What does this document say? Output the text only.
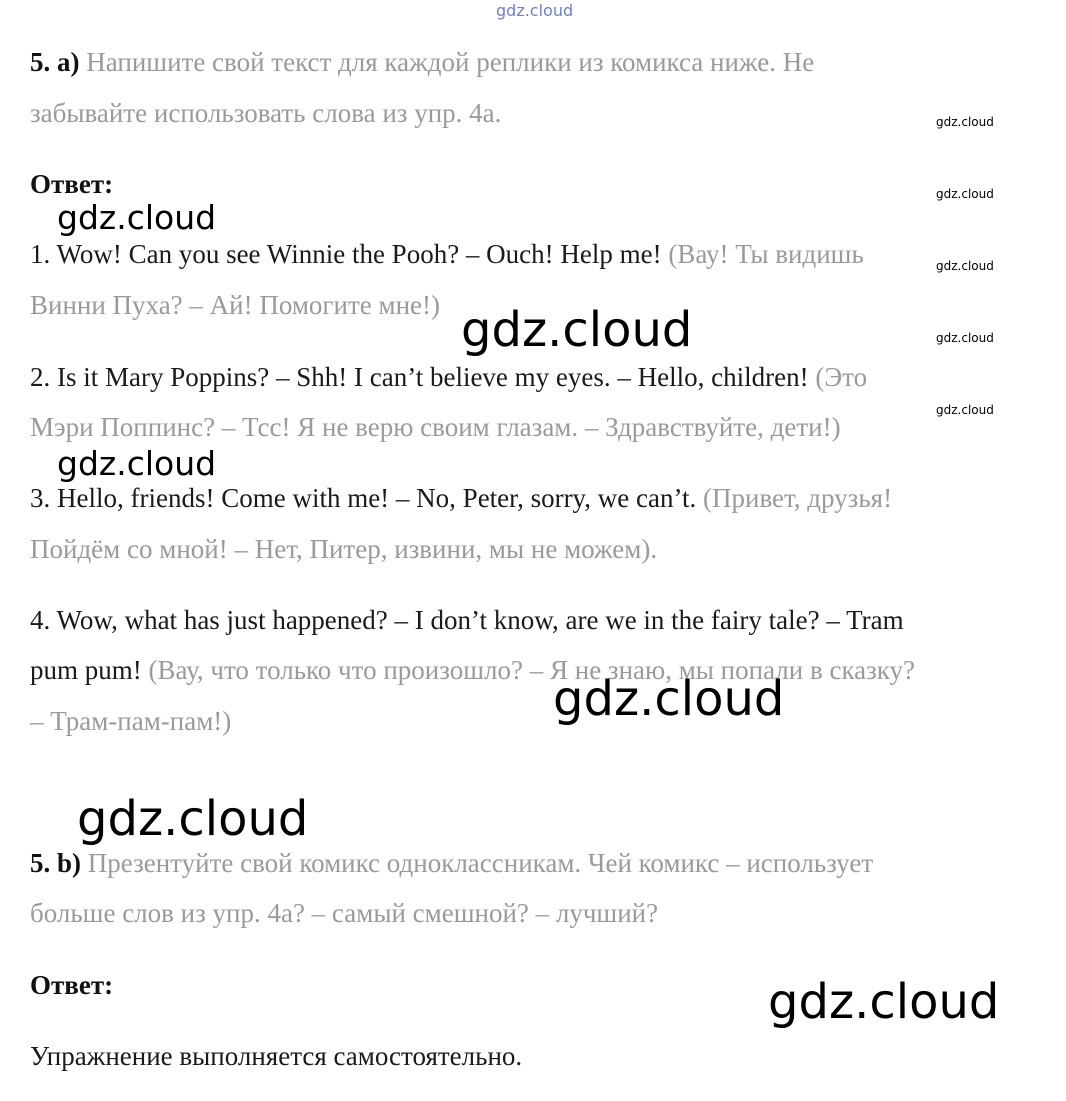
5. a) Напишите свой текст для каждой реплики из комикса ниже. Не
забывайте использовать слова из упр. 4а.
Ответ:
1. Wow! Can you see Winnie the Pooh? – Ouch! Help me! (Вау! Ты видишь
Винни Пуха? – Ай! Помогите мне!)
2. Is it Mary Poppins? – Shh! I can’t believe my eyes. – Hello, children! (Это
Мэри Поппинс? – Тсс! Я не верю своим глазам. – Здравствуйте, дети!)
3. Hello, friends! Come with me! – No, Peter, sorry, we can’t. (Привет, друзья!
Пойдём со мной! – Нет, Питер, извини, мы не можем).
4. Wow, what has just happened? – I don’t know, are we in the fairy tale? – Tram
pum pum! (Вау, что только что произошло? – Я не знаю, мы попали в сказку?
– Трам-пам-пам!)
5. b) Презентуйте свой комикс одноклассникам. Чей комикс – использует
больше слов из упр. 4а? – самый смешной? – лучший?
Ответ:
Упражнение выполняется самостоятельно.
gdz.cloud
gdz.cloud
gdz.cloud
gdz.cloud
gdz.cloud
gdz.cloud
gdz.cloud
gdz.cloud
gdz.cloud
gdz.cloud
gdz.cloud
gdz.cloud
